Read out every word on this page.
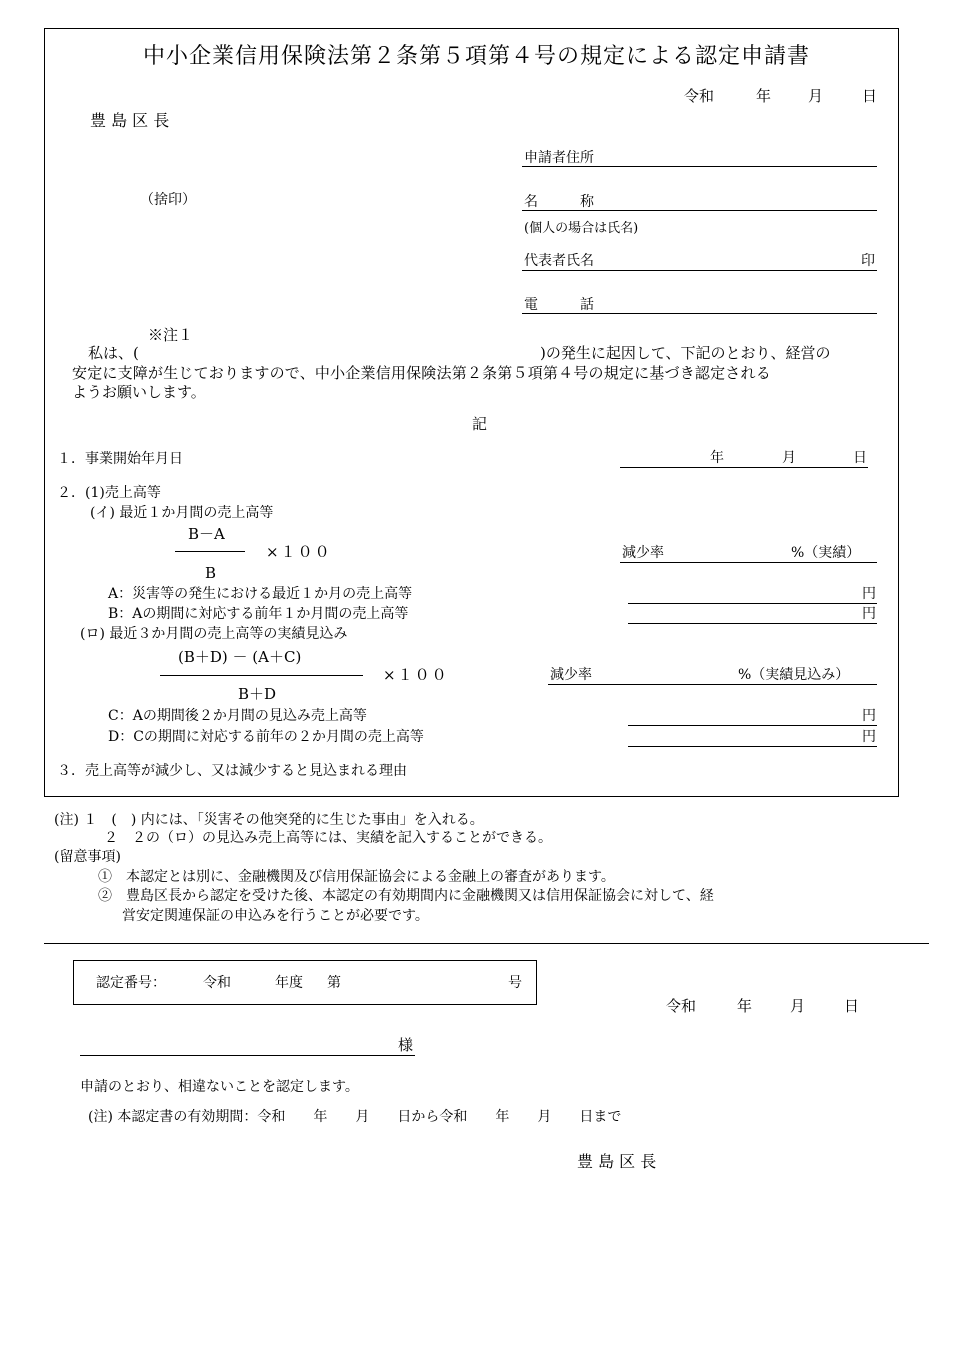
中小企業信用保険法第２条第５項第４号の規定による認定申請書
令和	年 月	日
豊 島 区 長
（捨印）
申請者住所
名　　　称
(個人の場合は氏名)
代表者氏名	印
電　　　話
※注１
私は、(	)の発生に起因して、下記のとおり、経営の
安定に支障が生じておりますので、中小企業信用保険法第２条第５項第４号の規定に基づき認定される
ようお願いします。
記
１．事業開始年月日	年	月	日
２．(1)売上高等
(イ) 最近１か月間の売上高等
B－A
B
×１００	減少率	%（実績）
A：災害等の発生における最近１か月の売上高等	円
B：Aの期間に対応する前年１か月間の売上高等	円
(ロ) 最近３か月間の売上高等の実績見込み
(B＋D) － (A＋C)
B＋D
×１００	減少率	%（実績見込み）
C：Aの期間後２か月間の見込み売上高等	円
D：Cの期間に対応する前年の２か月間の売上高等	円
３．売上高等が減少し、又は減少すると見込まれる理由
(注) １　(　) 内には、「災害その他突発的に生じた事由」を入れる。
２　２の（ロ）の見込み売上高等には、実績を記入することができる。
(留意事項)
①　本認定とは別に、金融機関及び信用保証協会による金融上の審査があります。
②　豊島区長から認定を受けた後、本認定の有効期間内に金融機関又は信用保証協会に対して、経
営安定関連保証の申込みを行うことが必要です。
認定番号：	令和	年度 第	号
令和	年	月	日
様
申請のとおり、相違ないことを認定します。
(注) 本認定書の有効期間：令和　　年　　月　　日から令和　　年　　月　　日まで
豊 島 区 長
